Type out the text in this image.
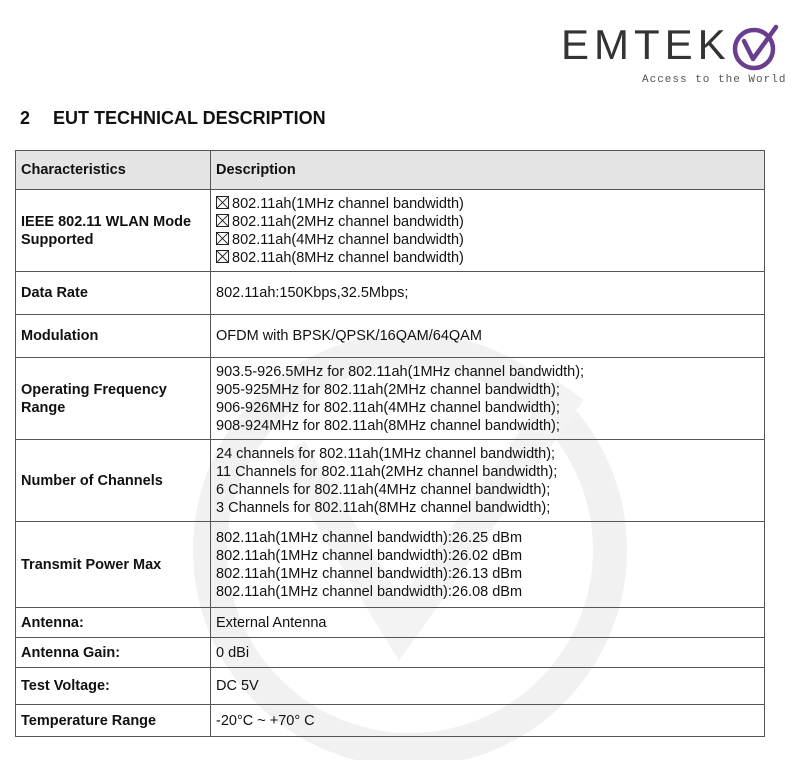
EMTEK
Access to the World
2 EUT TECHNICAL DESCRIPTION
Characteristics	Description
IEEE 802.11 WLAN Mode Supported	802.11ah(1MHz channel bandwidth)
802.11ah(2MHz channel bandwidth)
802.11ah(4MHz channel bandwidth)
802.11ah(8MHz channel bandwidth)

Data Rate	802.11ah:150Kbps,32.5Mbps;

Modulation	OFDM with BPSK/QPSK/16QAM/64QAM

Operating Frequency Range	903.5-926.5MHz for 802.11ah(1MHz channel bandwidth);
905-925MHz for 802.11ah(2MHz channel bandwidth);
906-926MHz for 802.11ah(4MHz channel bandwidth);
908-924MHz for 802.11ah(8MHz channel bandwidth);

Number of Channels	24 channels for 802.11ah(1MHz channel bandwidth);
11 Channels for 802.11ah(2MHz channel bandwidth);
6 Channels for 802.11ah(4MHz channel bandwidth);
3 Channels for 802.11ah(8MHz channel bandwidth);

Transmit Power Max	802.11ah(1MHz channel bandwidth):26.25 dBm
802.11ah(1MHz channel bandwidth):26.02 dBm
802.11ah(1MHz channel bandwidth):26.13 dBm
802.11ah(1MHz channel bandwidth):26.08 dBm

Antenna:	External Antenna

Antenna Gain:	0 dBi

Test Voltage:	DC 5V

Temperature Range	-20°C ~ +70° C
